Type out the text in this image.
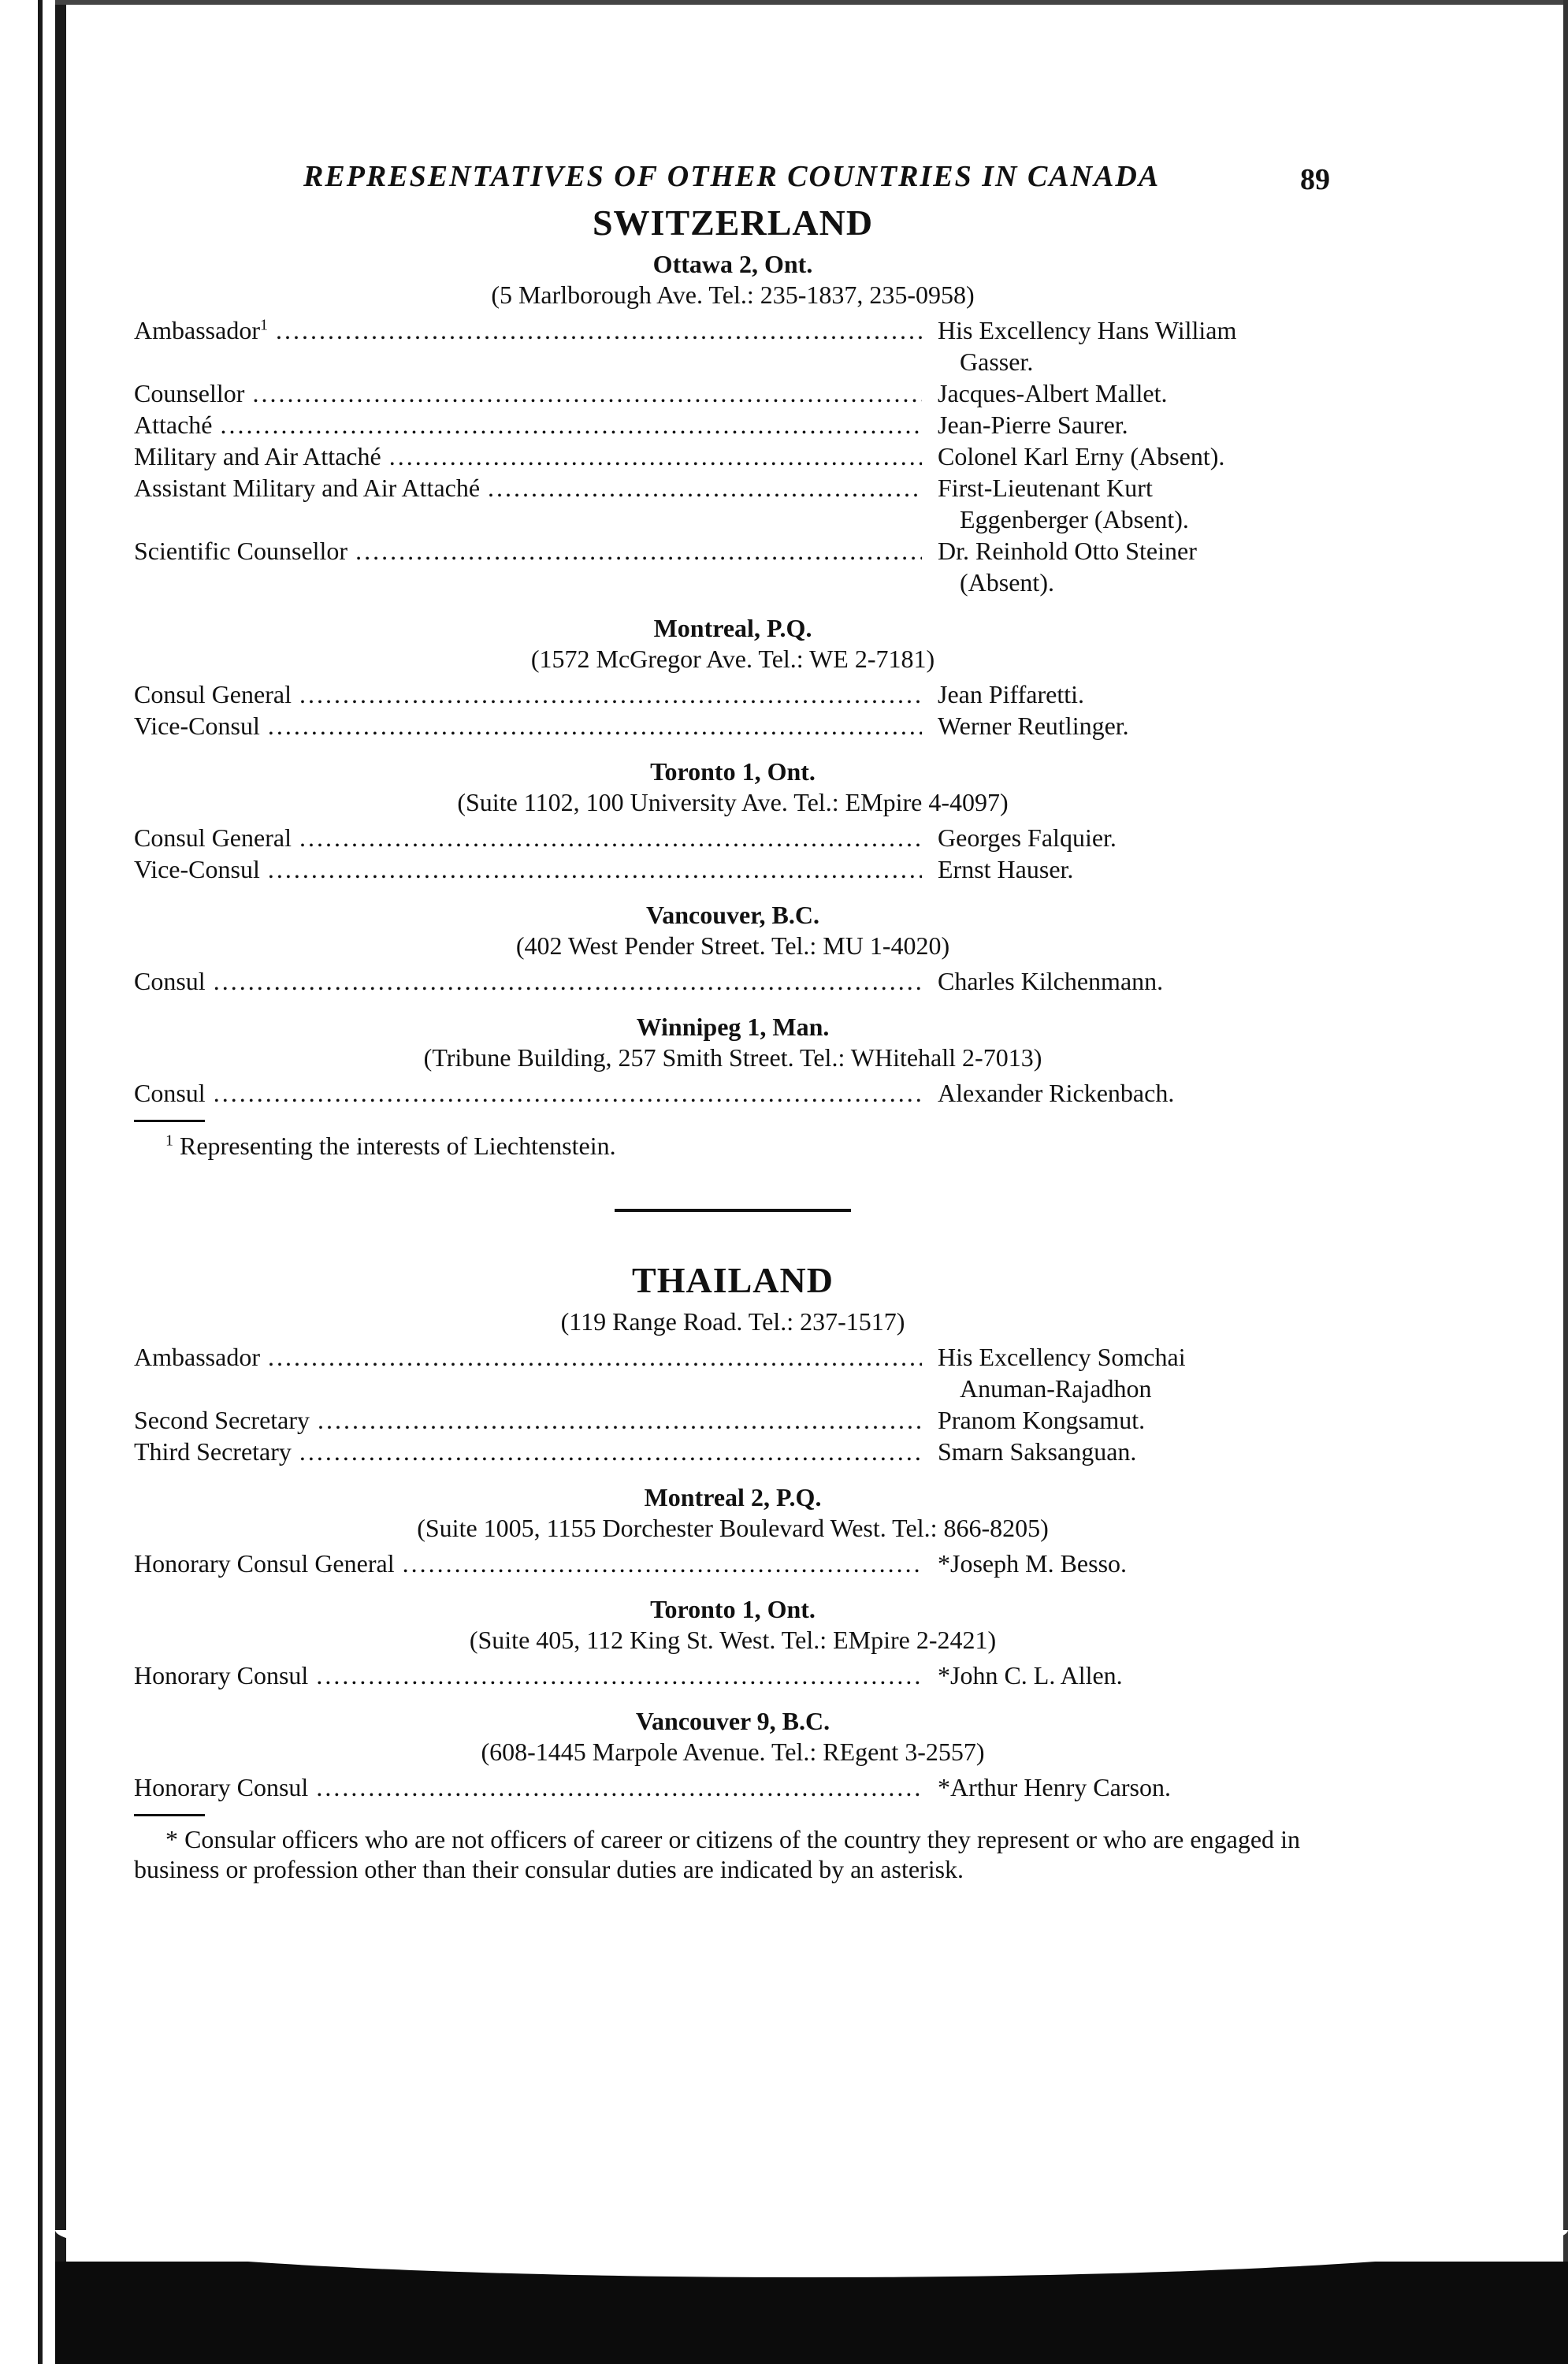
REPRESENTATIVES OF OTHER COUNTRIES IN CANADA	89
SWITZERLAND
Ottawa 2, Ont.
(5 Marlborough Ave. Tel.: 235-1837, 235-0958)
Ambassador$^1$ .....	His Excellency Hans William
Gasser.
Counsellor .....	Jacques-Albert Mallet.
Attaché .....	Jean-Pierre Saurer.
Military and Air Attaché .....	Colonel Karl Erny (Absent).
Assistant Military and Air Attaché .....	First-Lieutenant Kurt
Eggenberger (Absent).
Scientific Counsellor .....	Dr. Reinhold Otto Steiner
(Absent).
Montreal, P.Q.
(1572 McGregor Ave. Tel.: WE 2-7181)
Consul General .....	Jean Piffaretti.
Vice-Consul .....	Werner Reutlinger.
Toronto 1, Ont.
(Suite 1102, 100 University Ave. Tel.: EMpire 4-4097)
Consul General .....	Georges Falquier.
Vice-Consul .....	Ernst Hauser.
Vancouver, B.C.
(402 West Pender Street. Tel.: MU 1-4020)
Consul .....	Charles Kilchenmann.
Winnipeg 1, Man.
(Tribune Building, 257 Smith Street. Tel.: WHitehall 2-7013)
Consul .....	Alexander Rickenbach.
$^1$ Representing the interests of Liechtenstein.
THAILAND
(119 Range Road. Tel.: 237-1517)
Ambassador .....	His Excellency Somchai
Anuman-Rajadhon
Second Secretary .....	Pranom Kongsamut.
Third Secretary .....	Smarn Saksanguan.
Montreal 2, P.Q.
(Suite 1005, 1155 Dorchester Boulevard West. Tel.: 866-8205)
Honorary Consul General .....	*Joseph M. Besso.
Toronto 1, Ont.
(Suite 405, 112 King St. West. Tel.: EMpire 2-2421)
Honorary Consul .....	*John C. L. Allen.
Vancouver 9, B.C.
(608-1445 Marpole Avenue. Tel.: REgent 3-2557)
Honorary Consul .....	*Arthur Henry Carson.
* Consular officers who are not officers of career or citizens of the country they represent or who are engaged in business or profession other than their consular duties are indicated by an asterisk.
